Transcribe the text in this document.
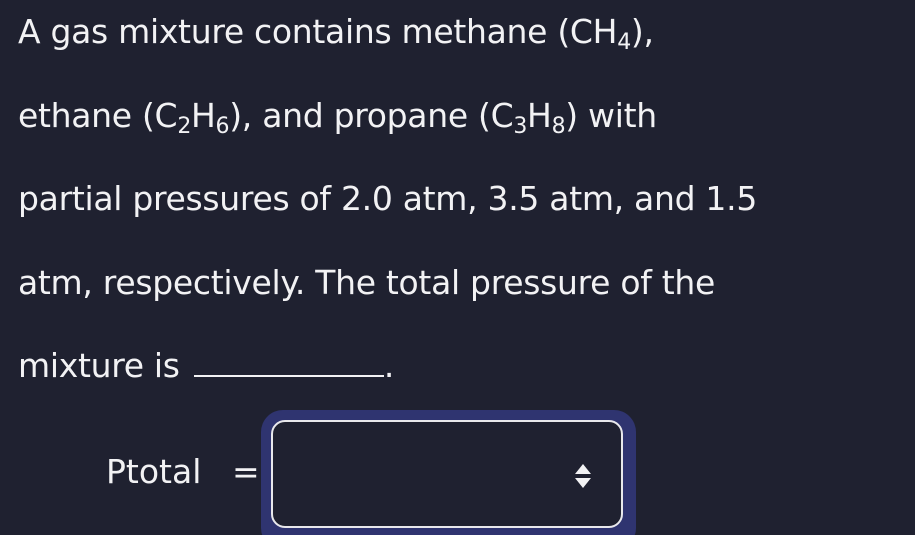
A gas mixture contains methane $(CH_4)$,
ethane $(C_2H_6)$, and propane $(C_3H_8)$ with
partial pressures of 2.0 atm, 3.5 atm, and 1.5
atm, respectively. The total pressure of the
mixture is	.
Ptotal =
